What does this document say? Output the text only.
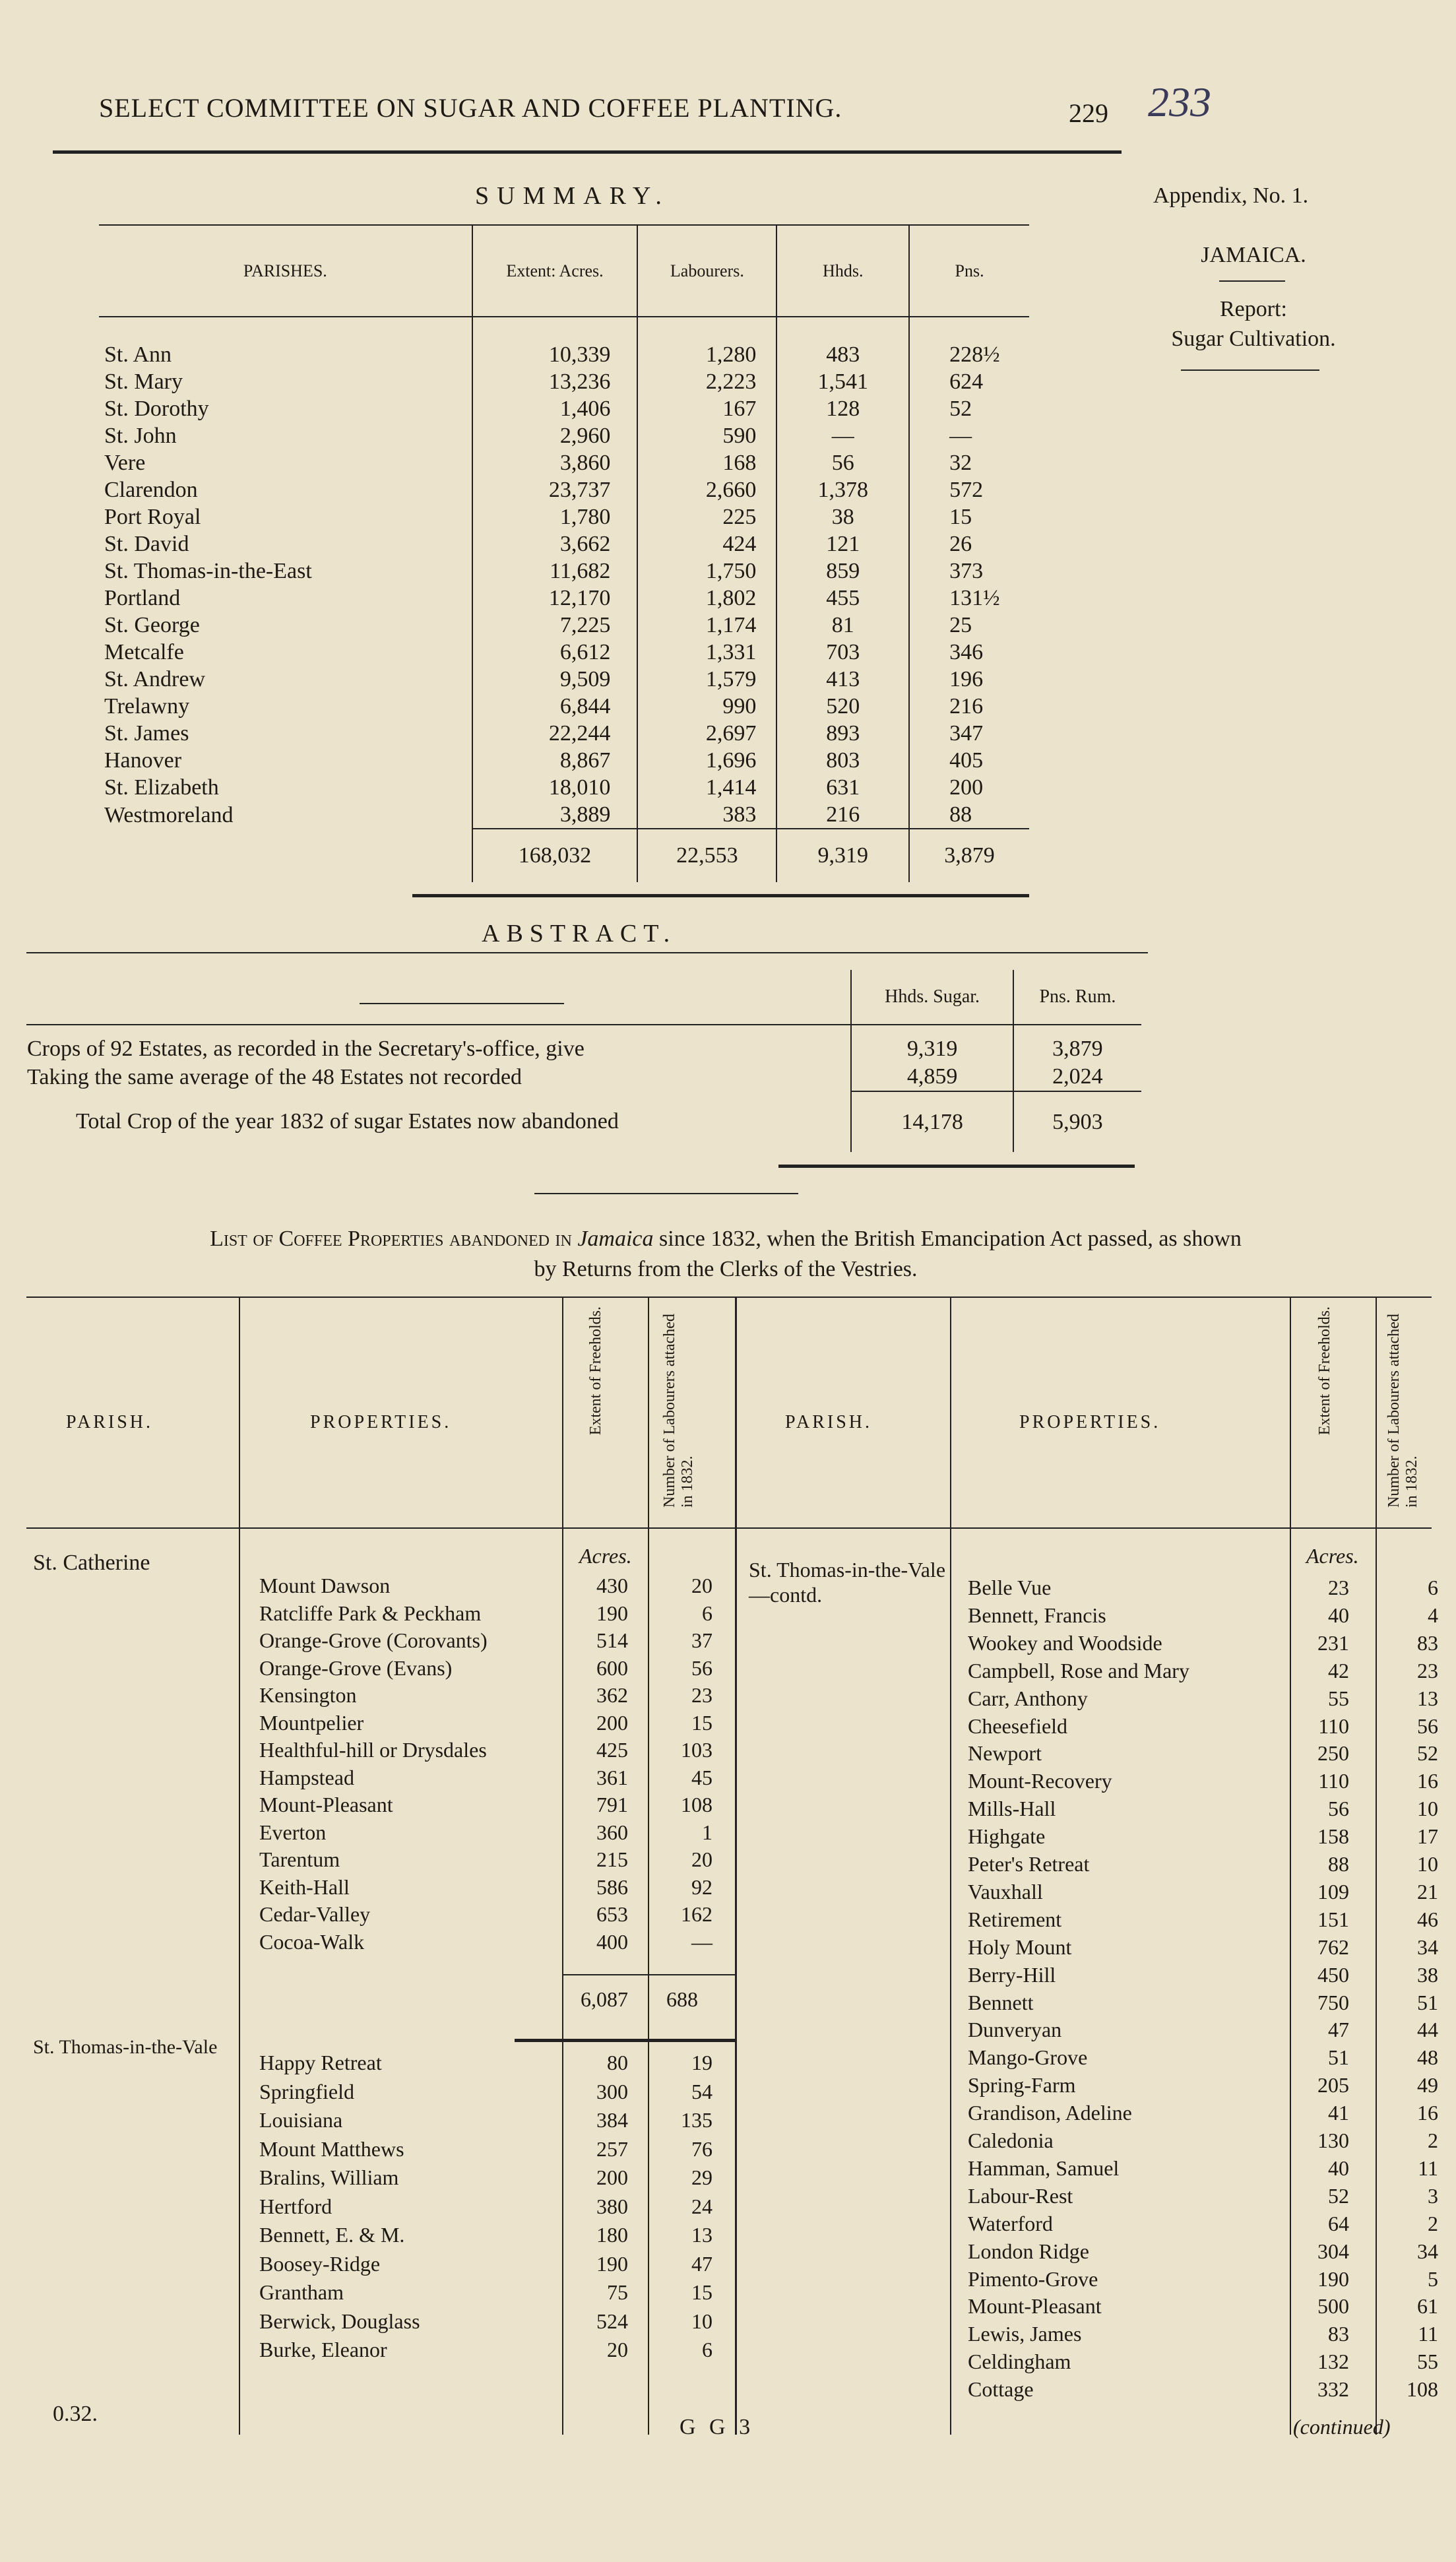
SELECT COMMITTEE ON SUGAR AND COFFEE PLANTING.	229 233
Appendix, No. 1.
JAMAICA.
Report:
Sugar Cultivation.
SUMMARY.
PARISHES.	Extent: Acres.	Labourers.	Hhds.	Pns.
St. Ann	10,339	1,280	483	228½
St. Mary	13,236	2,223	1,541	624
St. Dorothy	1,406	167	128	52
St. John	2,960	590	—	—
Vere	3,860	168	56	32
Clarendon	23,737	2,660	1,378	572
Port Royal	1,780	225	38	15
St. David	3,662	424	121	26
St. Thomas-in-the-East	11,682	1,750	859	373
Portland	12,170	1,802	455	131½
St. George	7,225	1,174	81	25
Metcalfe	6,612	1,331	703	346
St. Andrew	9,509	1,579	413	196
Trelawny	6,844	990	520	216
St. James	22,244	2,697	893	347
Hanover	8,867	1,696	803	405
St. Elizabeth	18,010	1,414	631	200
Westmoreland	3,889	383	216	88
	168,032	22,553	9,319	3,879
ABSTRACT.
	Hhds. Sugar.	Pns. Rum.
Crops of 92 Estates, as recorded in the Secretary's-office, give	9,319	3,879
Taking the same average of the 48 Estates not recorded	4,859	2,024
Total Crop of the year 1832 of sugar Estates now abandoned	14,178	5,903
List of Coffee Properties abandoned in Jamaica since 1832, when the British Emancipation Act passed, as shown
by Returns from the Clerks of the Vestries.
PARISH.	PROPERTIES.	Extent of Freeholds.	Number of Labourers attached in 1832.
PARISH.	PROPERTIES.	Extent of Freeholds.	Number of Labourers attached in 1832.
Acres.	Acres.
St. Catherine
St. Thomas-in-the-Vale
St. Thomas-in-the-Vale—contd.
Mount Dawson	430	20
Ratcliffe Park & Peckham	190	6
Orange-Grove (Corovants)	514	37
Orange-Grove (Evans)	600	56
Kensington	362	23
Mountpelier	200	15
Healthful-hill or Drysdales	425	103
Hampstead	361	45
Mount-Pleasant	791	108
Everton	360	1
Tarentum	215	20
Keith-Hall	586	92
Cedar-Valley	653	162
Cocoa-Walk	400	—
6,087 688
Happy Retreat	80	19
Springfield	300	54
Louisiana	384	135
Mount Matthews	257	76
Bralins, William	200	29
Hertford	380	24
Bennett, E. & M.	180	13
Boosey-Ridge	190	47
Grantham	75	15
Berwick, Douglass	524	10
Burke, Eleanor	20	6
Belle Vue	23	6
Bennett, Francis	40	4
Wookey and Woodside	231	83
Campbell, Rose and Mary	42	23
Carr, Anthony	55	13
Cheesefield	110	56
Newport	250	52
Mount-Recovery	110	16
Mills-Hall	56	10
Highgate	158	17
Peter's Retreat	88	10
Vauxhall	109	21
Retirement	151	46
Holy Mount	762	34
Berry-Hill	450	38
Bennett	750	51
Dunveryan	47	44
Mango-Grove	51	48
Spring-Farm	205	49
Grandison, Adeline	41	16
Caledonia	130	2
Hamman, Samuel	40	11
Labour-Rest	52	3
Waterford	64	2
London Ridge	304	34
Pimento-Grove	190	5
Mount-Pleasant	500	61
Lewis, James	83	11
Celdingham	132	55
Cottage	332	108
0.32.
G G 3	(continued)
